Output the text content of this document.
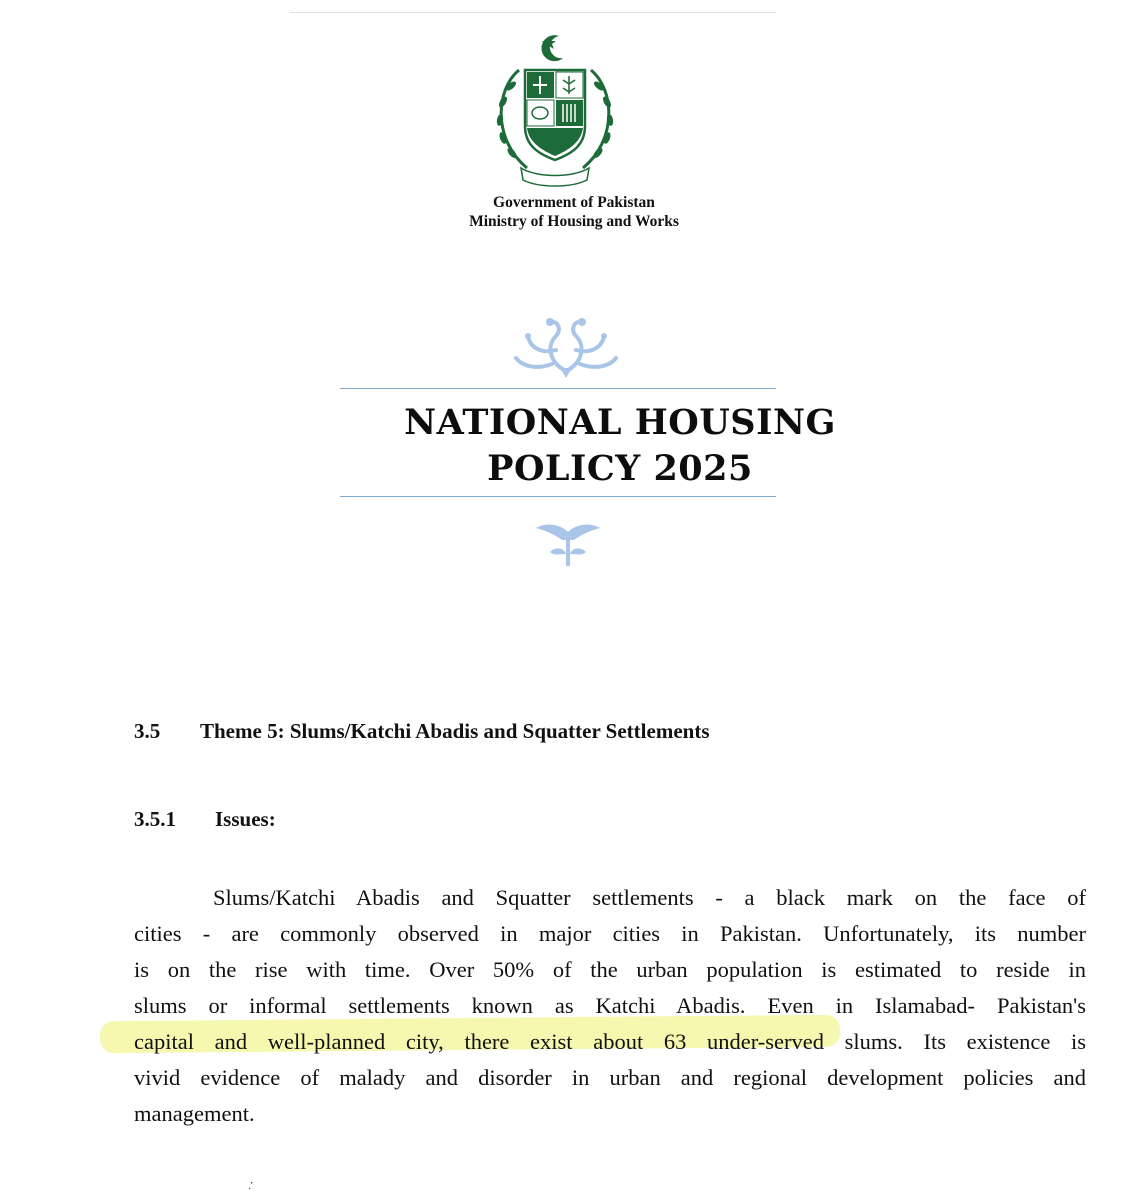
Government of Pakistan
Ministry of Housing and Works
NATIONAL HOUSING
POLICY 2025
3.5 Theme 5: Slums/Katchi Abadis and Squatter Settlements
3.5.1 Issues:
Slums/Katchi Abadis and Squatter settlements - a black mark on the face of
cities - are commonly observed in major cities in Pakistan. Unfortunately, its number
is on the rise with time. Over 50% of the urban population is estimated to reside in
slums or informal settlements known as Katchi Abadis. Even in Islamabad- Pakistan's
capital and well-planned city, there exist about 63 under-served slums. Its existence is
vivid evidence of malady and disorder in urban and regional development policies and
management.
⸱̣
